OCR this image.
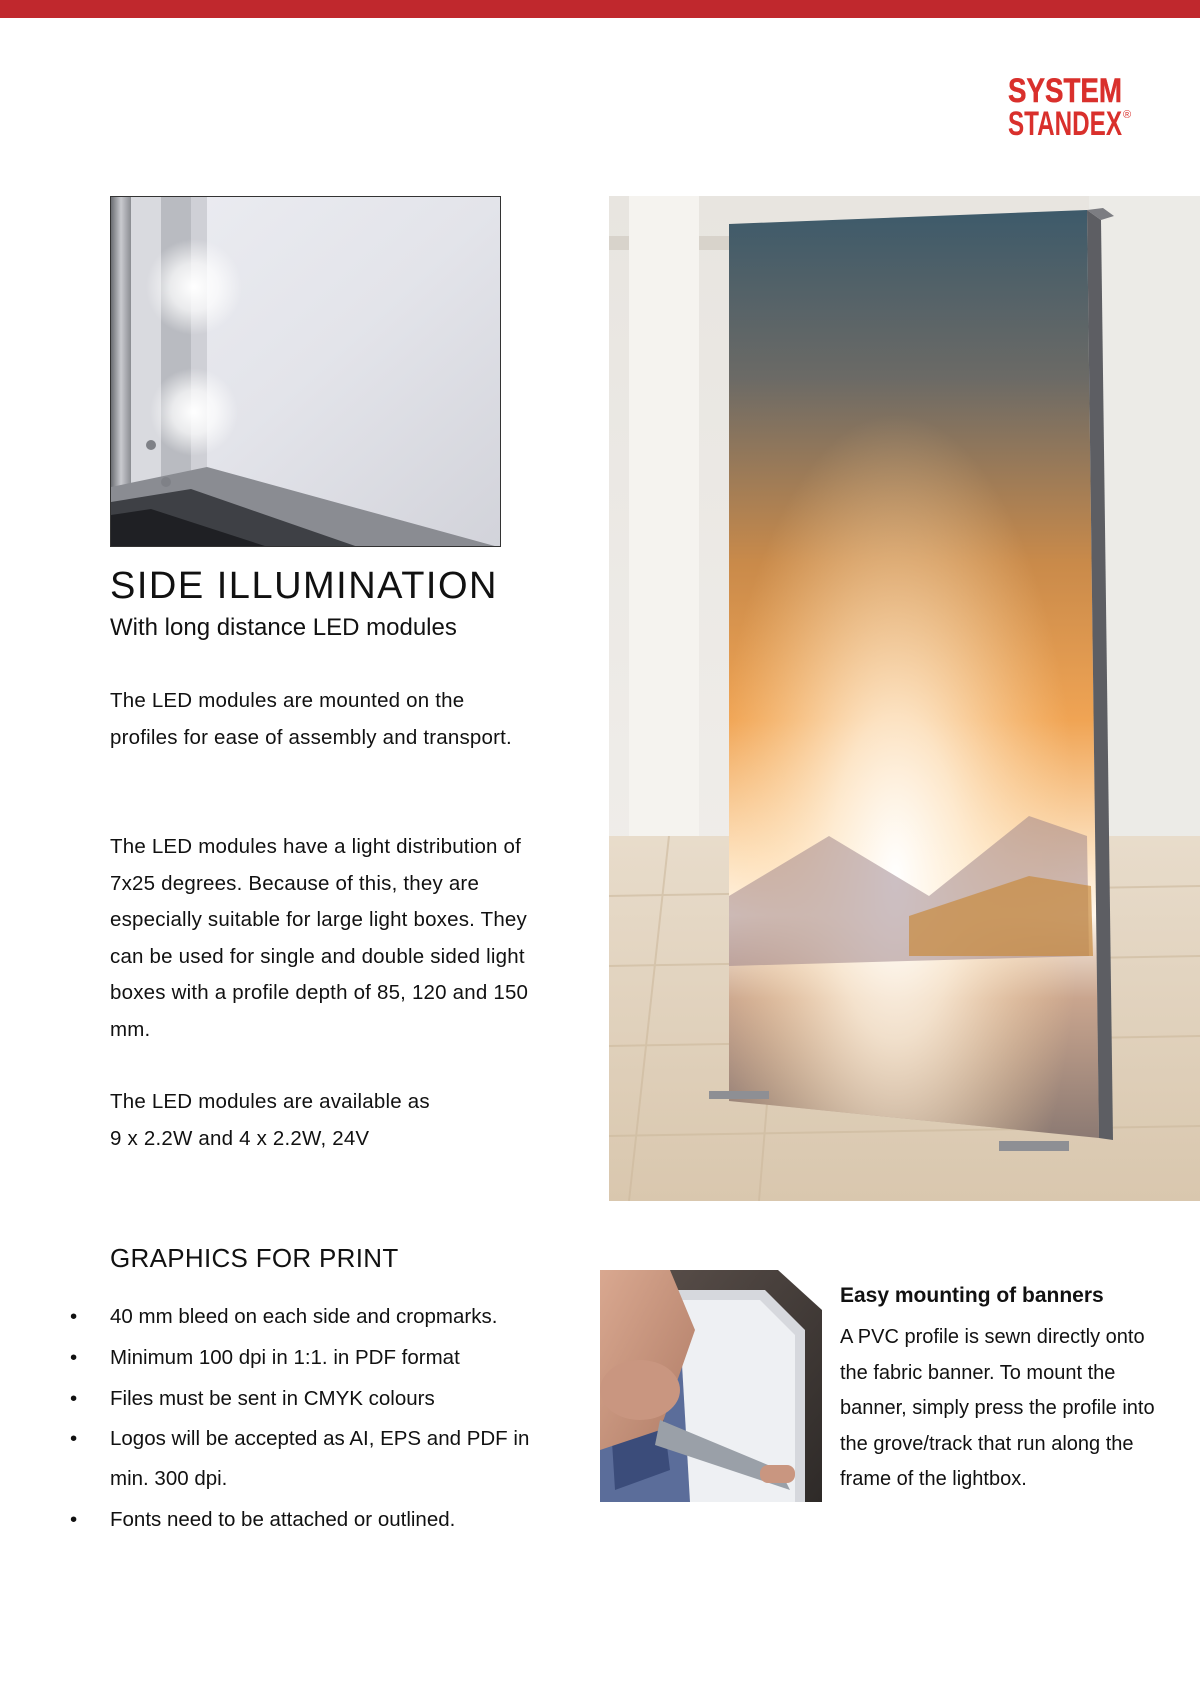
SYSTEM
STANDEX ®
SIDE ILLUMINATION
With long distance LED modules
The LED modules are mounted on the profiles for ease of assembly and transport.
The LED modules have a light distribution of 7x25 degrees. Because of this, they are especially suitable for large light boxes. They can be used for single and double sided light boxes with a profile depth of 85, 120 and 150 mm.
The LED modules are available as
9 x 2.2W and 4 x 2.2W, 24V
GRAPHICS FOR PRINT
• 40 mm bleed on each side and cropmarks.
• Minimum 100 dpi in 1:1. in PDF format
• Files must be sent in CMYK colours
• Logos will be accepted as AI, EPS and PDF in min. 300 dpi.
• Fonts need to be attached or outlined.
Easy mounting of banners
A PVC profile is sewn directly onto the fabric banner. To mount the banner, simply press the profile into the grove/track that run along the frame of the lightbox.
